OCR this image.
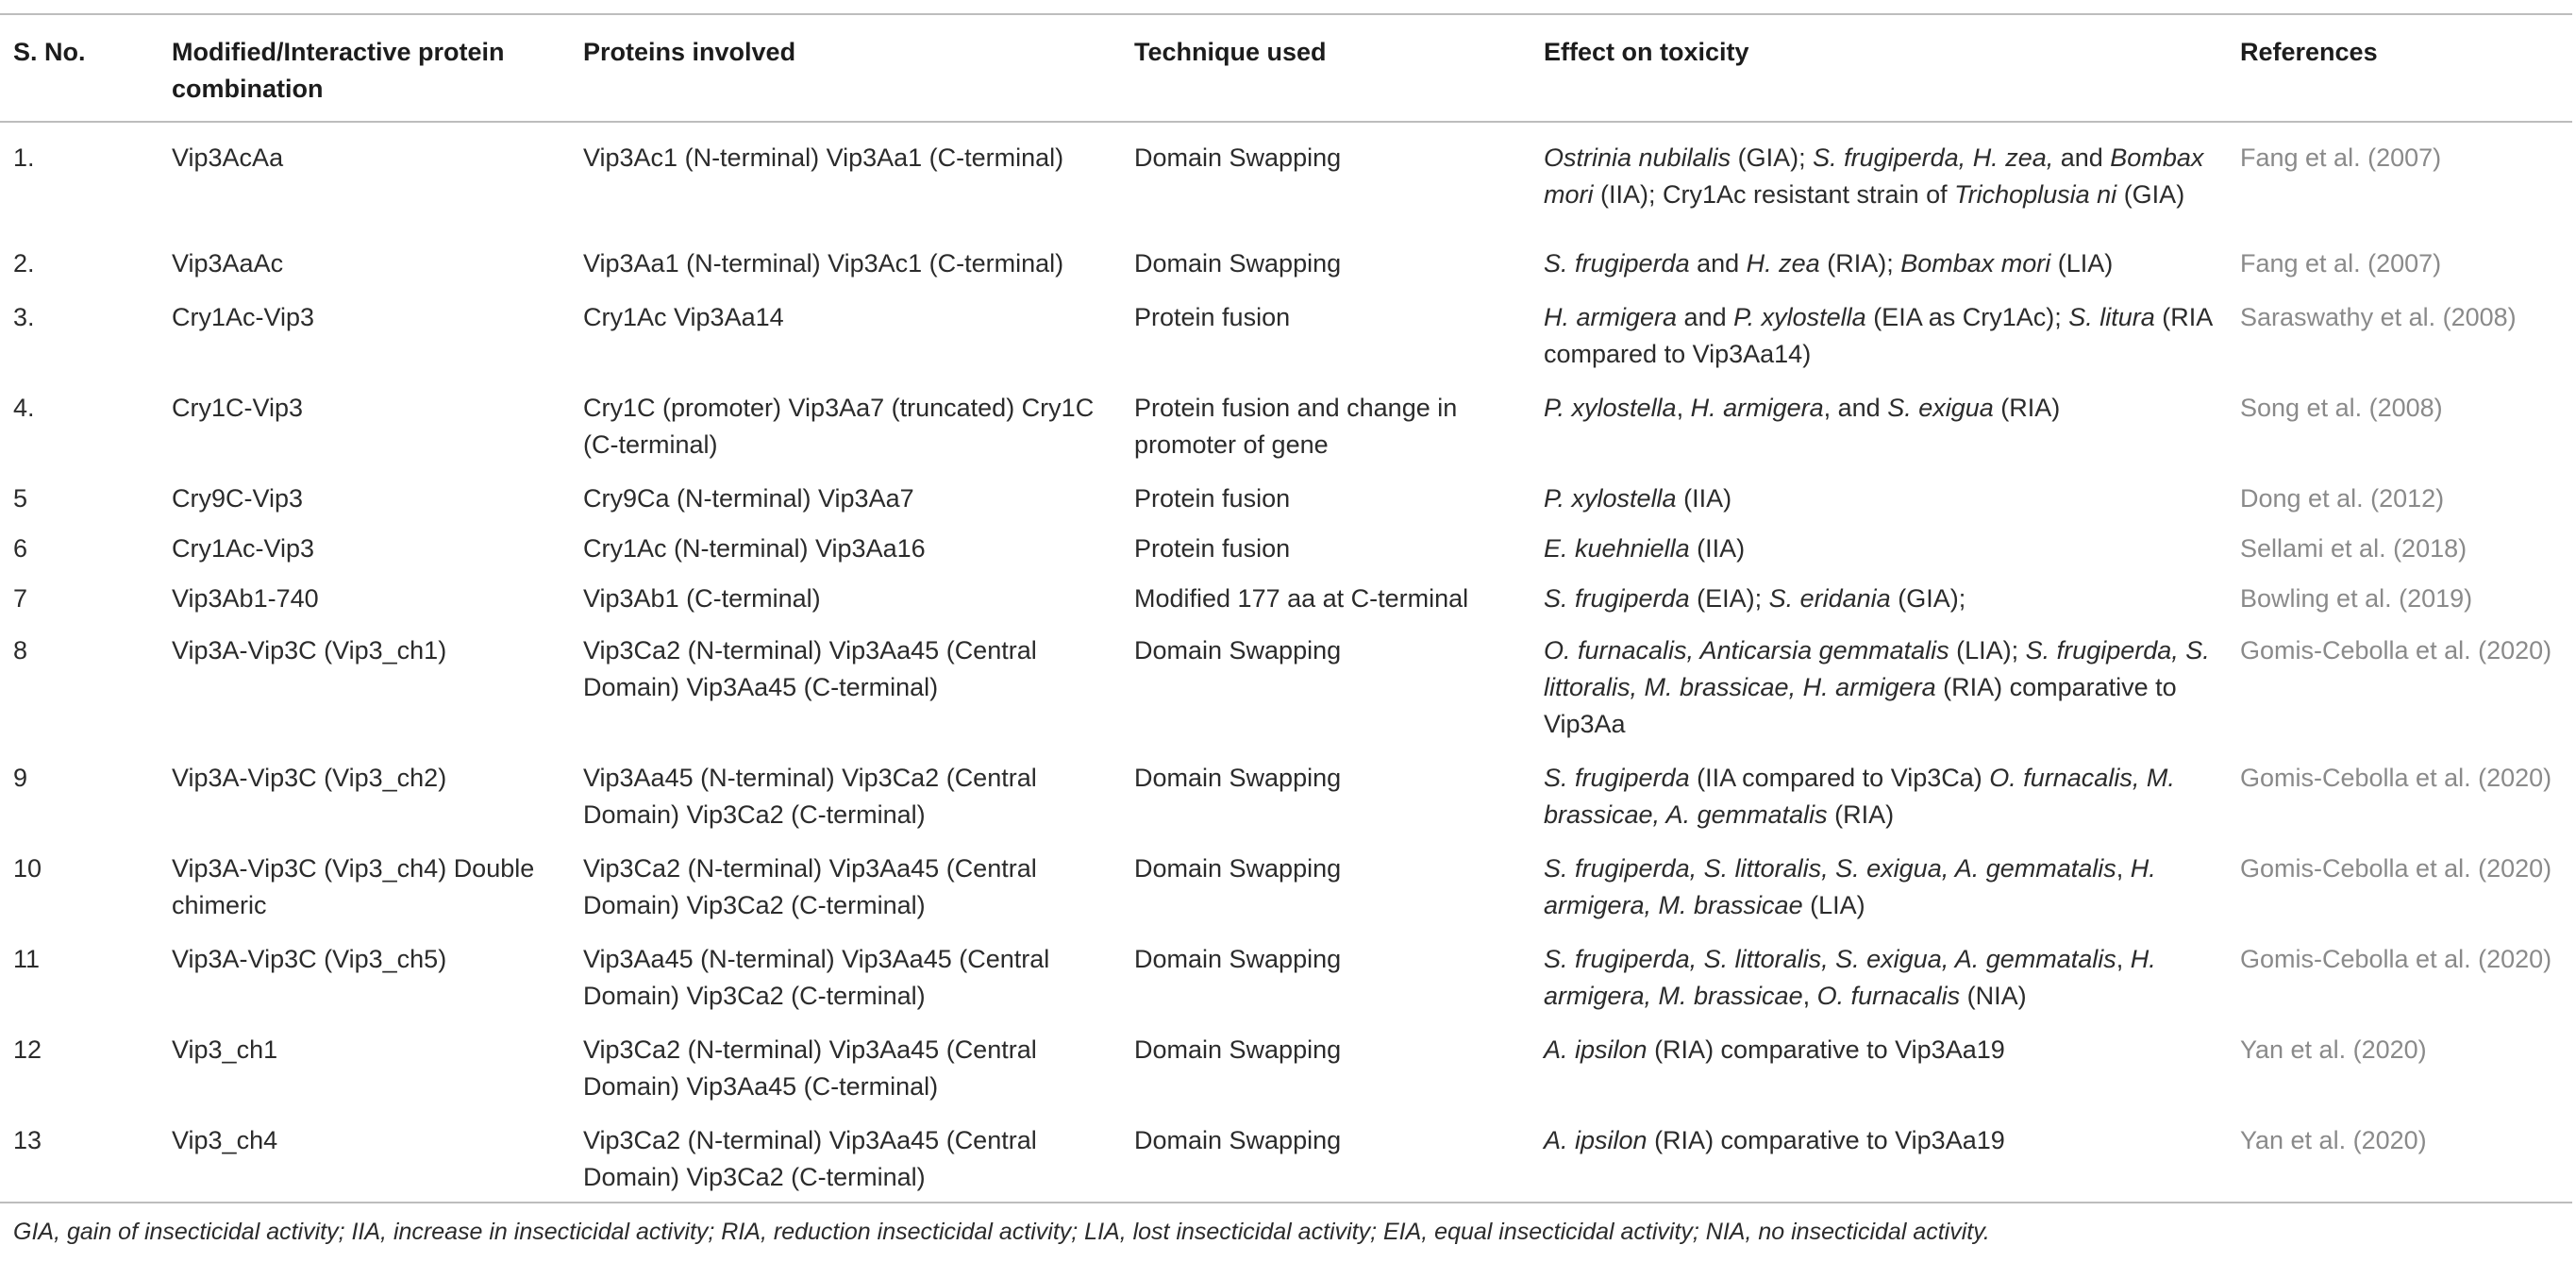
S. No.	Modified/Interactive protein combination	Proteins involved	Technique used	Effect on toxicity	References
1.	Vip3AcAa	Vip3Ac1 (N-terminal) Vip3Aa1 (C-terminal)	Domain Swapping	Ostrinia nubilalis (GIA); S. frugiperda, H. zea, and Bombax mori (IIA); Cry1Ac resistant strain of Trichoplusia ni (GIA)	Fang et al. (2007)
2.	Vip3AaAc	Vip3Aa1 (N-terminal) Vip3Ac1 (C-terminal)	Domain Swapping	S. frugiperda and H. zea (RIA); Bombax mori (LIA)	Fang et al. (2007)
3.	Cry1Ac-Vip3	Cry1Ac Vip3Aa14	Protein fusion	H. armigera and P. xylostella (EIA as Cry1Ac); S. litura (RIA compared to Vip3Aa14)	Saraswathy et al. (2008)
4.	Cry1C-Vip3	Cry1C (promoter) Vip3Aa7 (truncated) Cry1C (C-terminal)	Protein fusion and change in promoter of gene	P. xylostella, H. armigera, and S. exigua (RIA)	Song et al. (2008)
5	Cry9C-Vip3	Cry9Ca (N-terminal) Vip3Aa7	Protein fusion	P. xylostella (IIA)	Dong et al. (2012)
6	Cry1Ac-Vip3	Cry1Ac (N-terminal) Vip3Aa16	Protein fusion	E. kuehniella (IIA)	Sellami et al. (2018)
7	Vip3Ab1-740	Vip3Ab1 (C-terminal)	Modified 177 aa at C-terminal	S. frugiperda (EIA); S. eridania (GIA);	Bowling et al. (2019)
8	Vip3A-Vip3C (Vip3_ch1)	Vip3Ca2 (N-terminal) Vip3Aa45 (Central Domain) Vip3Aa45 (C-terminal)	Domain Swapping	O. furnacalis, Anticarsia gemmatalis (LIA); S. frugiperda, S. littoralis, M. brassicae, H. armigera (RIA) comparative to Vip3Aa	Gomis-Cebolla et al. (2020)
9	Vip3A-Vip3C (Vip3_ch2)	Vip3Aa45 (N-terminal) Vip3Ca2 (Central Domain) Vip3Ca2 (C-terminal)	Domain Swapping	S. frugiperda (IIA compared to Vip3Ca) O. furnacalis, M. brassicae, A. gemmatalis (RIA)	Gomis-Cebolla et al. (2020)
10	Vip3A-Vip3C (Vip3_ch4) Double chimeric	Vip3Ca2 (N-terminal) Vip3Aa45 (Central Domain) Vip3Ca2 (C-terminal)	Domain Swapping	S. frugiperda, S. littoralis, S. exigua, A. gemmatalis, H. armigera, M. brassicae (LIA)	Gomis-Cebolla et al. (2020)
11	Vip3A-Vip3C (Vip3_ch5)	Vip3Aa45 (N-terminal) Vip3Aa45 (Central Domain) Vip3Ca2 (C-terminal)	Domain Swapping	S. frugiperda, S. littoralis, S. exigua, A. gemmatalis, H. armigera, M. brassicae, O. furnacalis (NIA)	Gomis-Cebolla et al. (2020)
12	Vip3_ch1	Vip3Ca2 (N-terminal) Vip3Aa45 (Central Domain) Vip3Aa45 (C-terminal)	Domain Swapping	A. ipsilon (RIA) comparative to Vip3Aa19	Yan et al. (2020)
13	Vip3_ch4	Vip3Ca2 (N-terminal) Vip3Aa45 (Central Domain) Vip3Ca2 (C-terminal)	Domain Swapping	A. ipsilon (RIA) comparative to Vip3Aa19	Yan et al. (2020)
GIA, gain of insecticidal activity; IIA, increase in insecticidal activity; RIA, reduction insecticidal activity; LIA, lost insecticidal activity; EIA, equal insecticidal activity; NIA, no insecticidal activity.
